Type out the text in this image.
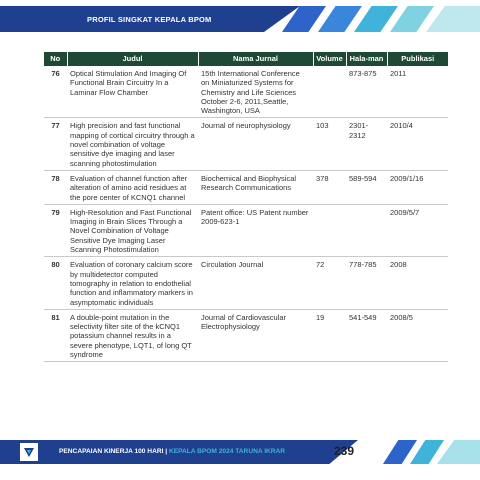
PROFIL SINGKAT KEPALA BPOM
No	Judul	Nama Jurnal	Volume	Hala-man	Publikasi
76	Optical Stimulation And Imaging Of Functional Brain Circuitry In a Laminar Flow Chamber	15th International Conference on Miniaturized Systems for Chemistry and Life Sciences October 2-6, 2011,Seattle, Washington, USA		873-875	2011
77	High precision and fast functional mapping of cortical circuitry through a novel combination of voltage sensitive dye imaging and laser scanning photostimulation	Journal of neurophysiology	103	2301-2312	2010/4
78	Evaluation of channel function after alteration of amino acid residues at the pore center of KCNQ1 channel	Biochemical and Biophysical Research Communications	378	589-594	2009/1/16
79	High-Resolution and Fast Functional Imaging in Brain Slices Through a Novel Combination of Voltage Sensitive Dye Imaging Laser Scanning Photostimulation	Patent office: US Patent number 2009-623-1			2009/5/7
80	Evaluation of coronary calcium score by multidetector computed tomography in relation to endothelial function and inflammatory markers in asymptomatic individuals	Circulation Journal	72	778-785	2008
81	A double-point mutation in the selectivity filter site of the kCNQ1 potassium channel results in a severe phenotype, LQT1, of long QT syndrome	Journal of Cardiovascular Electrophysiology	19	541-549	2008/5
PENCAPAIAN KINERJA 100 HARI | KEPALA BPOM 2024 TARUNA IKRAR	239
